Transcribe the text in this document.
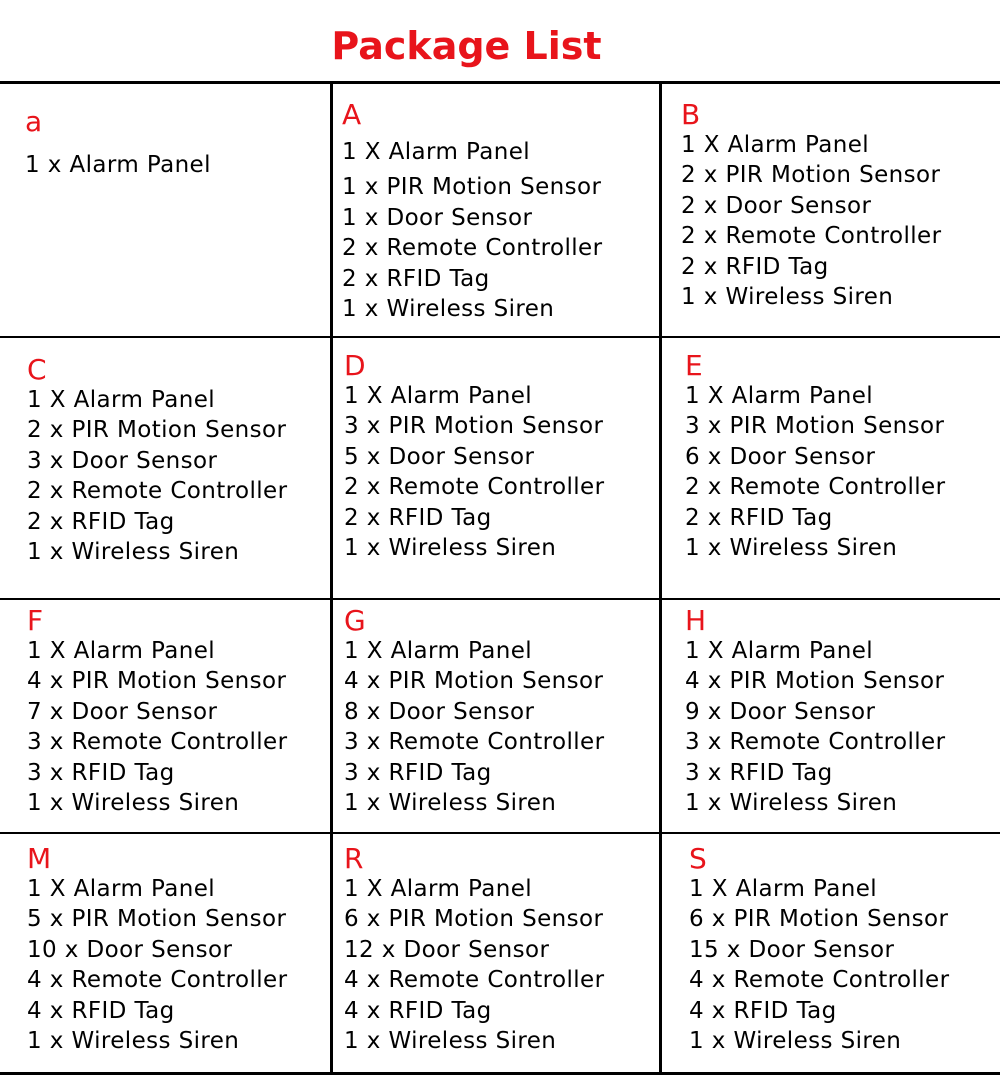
Package List
a
1 x Alarm Panel
A
1 X Alarm Panel
1 x PIR Motion Sensor
1 x Door Sensor
2 x Remote Controller
2 x RFID Tag
1 x Wireless Siren
B
1 X Alarm Panel
2 x PIR Motion Sensor
2 x Door Sensor
2 x Remote Controller
2 x RFID Tag
1 x Wireless Siren
C
1 X Alarm Panel
2 x PIR Motion Sensor
3 x Door Sensor
2 x Remote Controller
2 x RFID Tag
1 x Wireless Siren
D
1 X Alarm Panel
3 x PIR Motion Sensor
5 x Door Sensor
2 x Remote Controller
2 x RFID Tag
1 x Wireless Siren
E
1 X Alarm Panel
3 x PIR Motion Sensor
6 x Door Sensor
2 x Remote Controller
2 x RFID Tag
1 x Wireless Siren
F
1 X Alarm Panel
4 x PIR Motion Sensor
7 x Door Sensor
3 x Remote Controller
3 x RFID Tag
1 x Wireless Siren
G
1 X Alarm Panel
4 x PIR Motion Sensor
8 x Door Sensor
3 x Remote Controller
3 x RFID Tag
1 x Wireless Siren
H
1 X Alarm Panel
4 x PIR Motion Sensor
9 x Door Sensor
3 x Remote Controller
3 x RFID Tag
1 x Wireless Siren
M
1 X Alarm Panel
5 x PIR Motion Sensor
10 x Door Sensor
4 x Remote Controller
4 x RFID Tag
1 x Wireless Siren
R
1 X Alarm Panel
6 x PIR Motion Sensor
12 x Door Sensor
4 x Remote Controller
4 x RFID Tag
1 x Wireless Siren
S
1 X Alarm Panel
6 x PIR Motion Sensor
15 x Door Sensor
4 x Remote Controller
4 x RFID Tag
1 x Wireless Siren
